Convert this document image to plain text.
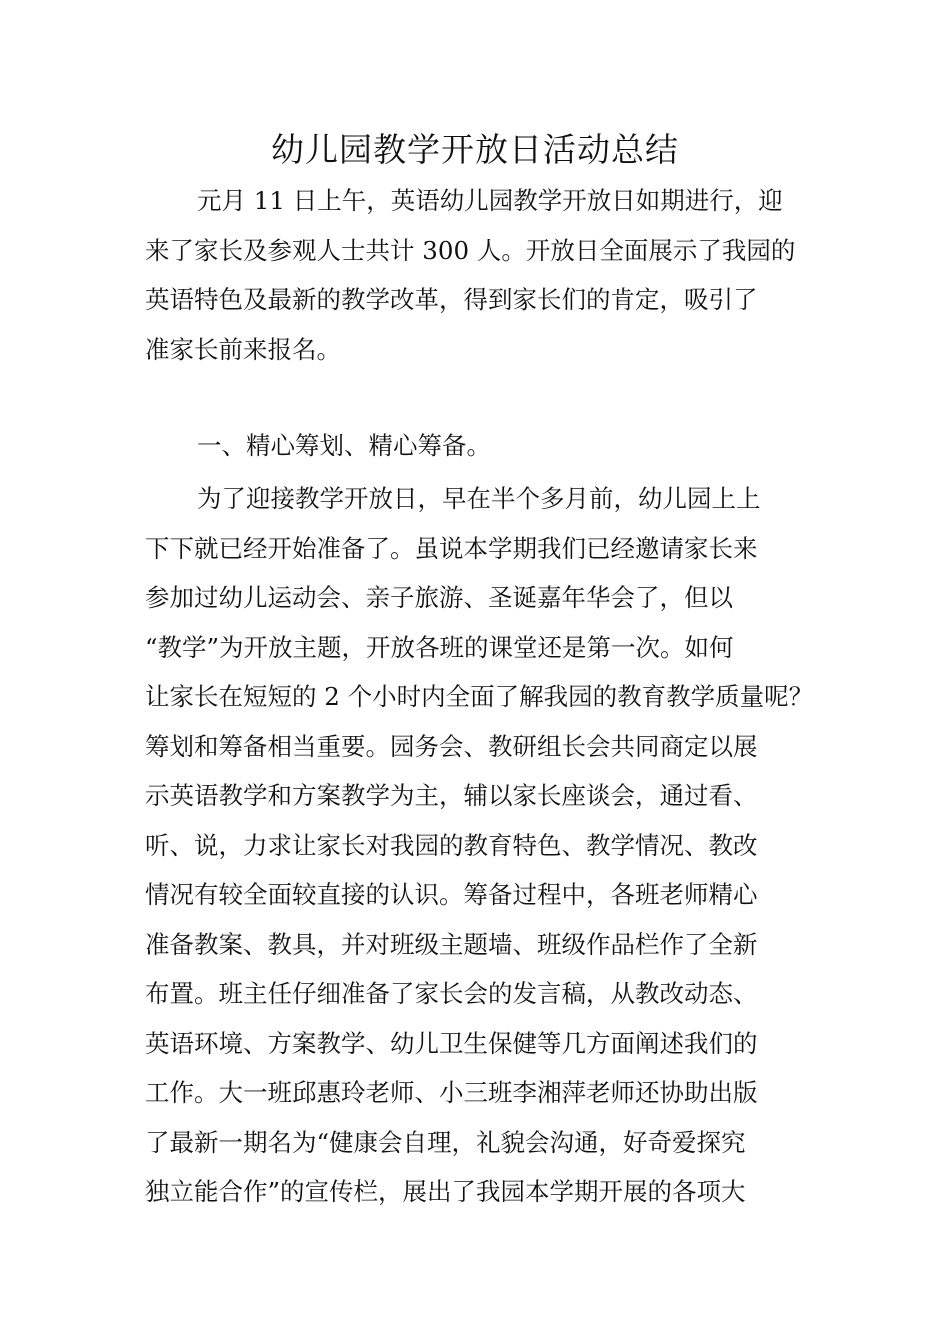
幼儿园教学开放日活动总结
元月 11 日上午，英语幼儿园教学开放日如期进行，迎
来了家长及参观人士共计 300 人。开放日全面展示了我园的
英语特色及最新的教学改革，得到家长们的肯定，吸引了
准家长前来报名。
一、精心筹划、精心筹备。
为了迎接教学开放日，早在半个多月前，幼儿园上上
下下就已经开始准备了。虽说本学期我们已经邀请家长来
参加过幼儿运动会、亲子旅游、圣诞嘉年华会了，但以
“教学”为开放主题，开放各班的课堂还是第一次。如何
让家长在短短的 2 个小时内全面了解我园的教育教学质量呢？
筹划和筹备相当重要。园务会、教研组长会共同商定以展
示英语教学和方案教学为主，辅以家长座谈会，通过看、
听、说，力求让家长对我园的教育特色、教学情况、教改
情况有较全面较直接的认识。筹备过程中，各班老师精心
准备教案、教具，并对班级主题墙、班级作品栏作了全新
布置。班主任仔细准备了家长会的发言稿，从教改动态、
英语环境、方案教学、幼儿卫生保健等几方面阐述我们的
工作。大一班邱惠玲老师、小三班李湘萍老师还协助出版
了最新一期名为“健康会自理，礼貌会沟通，好奇爱探究
独立能合作”的宣传栏，展出了我园本学期开展的各项大
